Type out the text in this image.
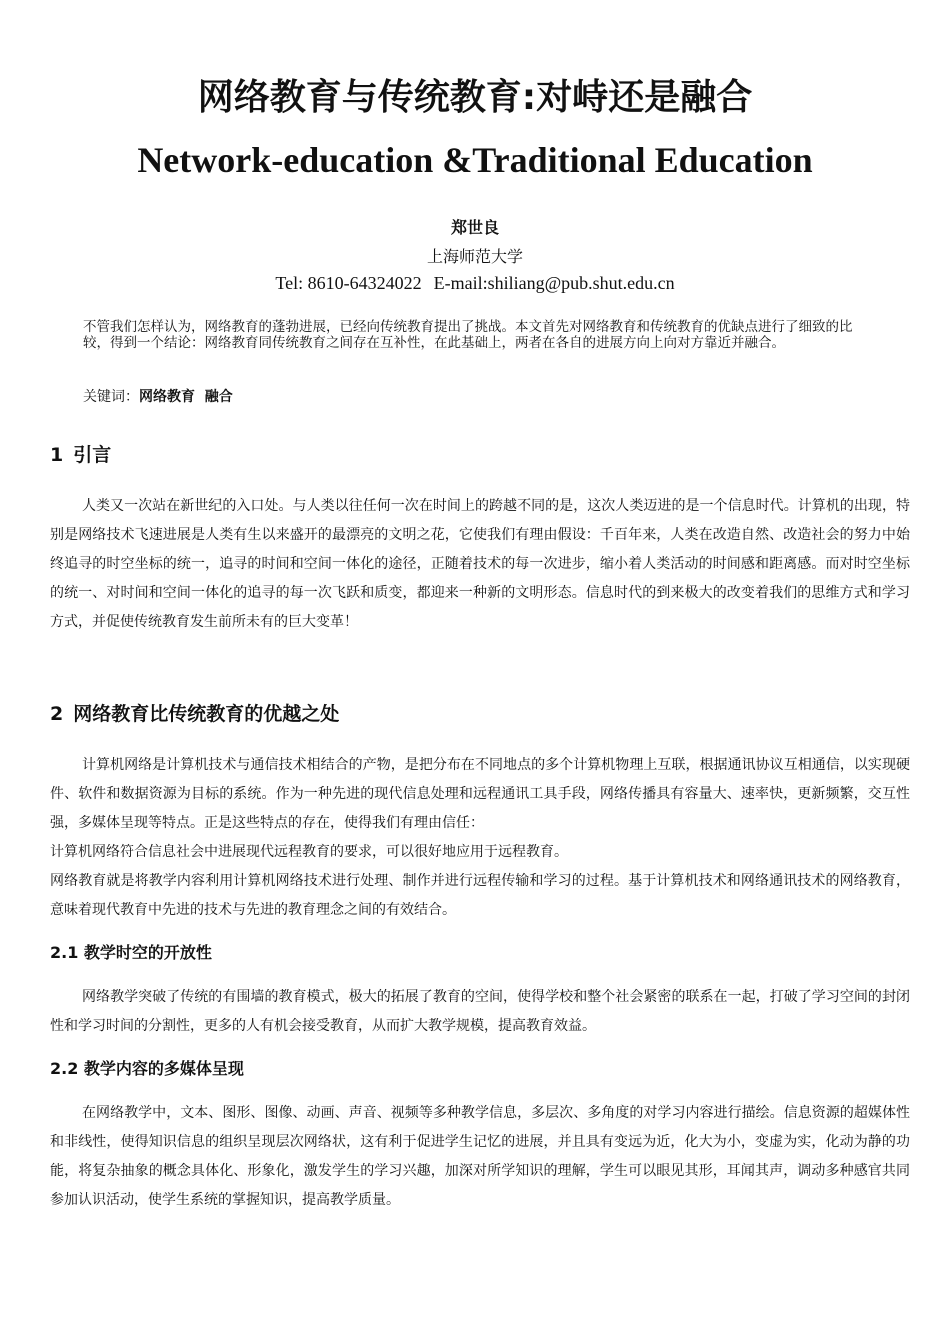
网络教育与传统教育:对峙还是融合
Network-education &Traditional Education
郑世良
上海师范大学
Tel: 8610-64324022 E-mail:shiliang@pub.shut.edu.cn
不管我们怎样认为，网络教育的蓬勃进展，已经向传统教育提出了挑战。本文首先对网络教育和传统教育的优缺点进行了细致的比较，得到一个结论：网络教育同传统教育之间存在互补性，在此基础上，两者在各自的进展方向上向对方靠近并融合。
关键词：网络教育  融合
1 引言

人类又一次站在新世纪的入口处。与人类以往任何一次在时间上的跨越不同的是，这次人类迈进的是一个信息时代。计算机的出现，特别是网络技术飞速进展是人类有生以来盛开的最漂亮的文明之花，它使我们有理由假设：千百年来，人类在改造自然、改造社会的努力中始终追寻的时空坐标的统一，追寻的时间和空间一体化的途径，正随着技术的每一次进步，缩小着人类活动的时间感和距离感。而对时空坐标的统一、对时间和空间一体化的追寻的每一次飞跃和质变，都迎来一种新的文明形态。信息时代的到来极大的改变着我们的思维方式和学习方式，并促使传统教育发生前所未有的巨大变革！

2 网络教育比传统教育的优越之处

计算机网络是计算机技术与通信技术相结合的产物，是把分布在不同地点的多个计算机物理上互联，根据通讯协议互相通信，以实现硬件、软件和数据资源为目标的系统。作为一种先进的现代信息处理和远程通讯工具手段，网络传播具有容量大、速率快，更新频繁，交互性强，多媒体呈现等特点。正是这些特点的存在，使得我们有理由信任：

计算机网络符合信息社会中进展现代远程教育的要求，可以很好地应用于远程教育。

网络教育就是将教学内容利用计算机网络技术进行处理、制作并进行远程传输和学习的过程。基于计算机技术和网络通讯技术的网络教育，意味着现代教育中先进的技术与先进的教育理念之间的有效结合。

2.1 教学时空的开放性

网络教学突破了传统的有围墙的教育模式，极大的拓展了教育的空间，使得学校和整个社会紧密的联系在一起，打破了学习空间的封闭性和学习时间的分割性，更多的人有机会接受教育，从而扩大教学规模，提高教育效益。

2.2 教学内容的多媒体呈现

在网络教学中，文本、图形、图像、动画、声音、视频等多种教学信息，多层次、多角度的对学习内容进行描绘。信息资源的超媒体性和非线性，使得知识信息的组织呈现层次网络状，这有利于促进学生记忆的进展，并且具有变远为近，化大为小，变虚为实，化动为静的功能，将复杂抽象的概念具体化、形象化，激发学生的学习兴趣，加深对所学知识的理解，学生可以眼见其形，耳闻其声，调动多种感官共同参加认识活动，使学生系统的掌握知识，提高教学质量。
